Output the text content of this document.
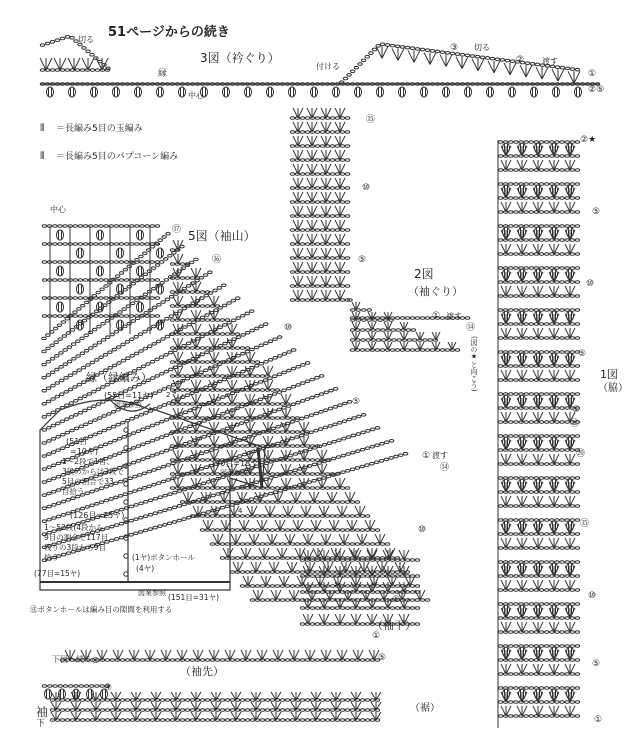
51ページからの続き
3図（衿ぐり）
5図（袖山）
2図
（袖ぐり）
1図
（脇）
⦀ ＝長編み5目の玉編み
⦀ ＝長編み5目のパプコーン編み
切る
切る
付ける
中心
縁
渡す
中心
渡す
渡す
（袖下）
（袖先）
（裾）
下図へ続く◎
②★
(図の★と向こう)
袖
下
縁（縁編み）
(55目=11ヤ)
図案参照
2 4
(51目
=10ヤ)
1〜2段で1目、
3段めからは2段で
5目の割合で33
目拾う
(90目=18ヤ)
図案参照
2
4
(126目=25ヤ)
1〜52段(4段から
9目の割合で117目
残りの3段から9目
拾う	(1ヤ)ボタンホール
(4ヤ)
(77目=15ヤ)
図案参照 (151目=31ヤ)
㊟ボタンホールは編み目の隙間を利用する
③
②
①
②⑤
⑰
⑯
⑩
⑤
①
⑩
⑤
①
⑭
⑤
⑮
⑩
⑤
①
⑭
⑤
⑩
⑤
①
⑫
⑳
⑮
⑩
⑤
①
④
